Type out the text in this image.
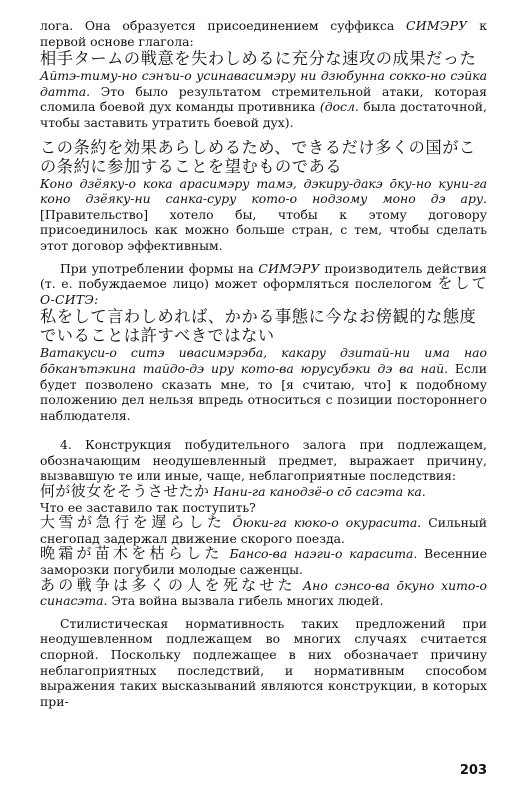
лога. Она образуется присоединением суффикса СИМЭРУ к первой основе глагола:

相手タームの戦意を失わしめるに充分な速攻の成果だった

Айтэ-тиму-но сэнъи-о усинавасимэру ни дзюбунна сокко-но сэйка датта. Это было результатом стремительной атаки, которая сломила боевой дух команды противника (досл. была достаточной, чтобы заставить утратить боевой дух).

この条約を効果あらしめるため、できるだけ多くの国がこの条約に参加することを望むものである

Коно дзёяку-о кока арасимэру тамэ, дэкиру-дакэ о̄ку-но куни-га коно дзёяку-ни санка-суру кото-о нодзому моно дэ ару. [Правительство] хотело бы, чтобы к этому договору присоединилось как можно больше стран, с тем, чтобы сделать этот договор эффективным.

При употреблении формы на СИМЭРУ производитель действия (т. е. побуждаемое лицо) может оформляться послелогом をして О-СИТЭ:

私をして言わしめれば、かかる事態に今なお傍観的な態度でいることは許すべきではない

Ватакуси-о ситэ ивасимэрэба, какару дзитай-ни има нао бо̄канътэкина тайдо-дэ иру кото-ва юрусубэки дэ ва най. Если будет позволено сказать мне, то [я считаю, что] к подобному положению дел нельзя впредь относиться с позиции постороннего наблюдателя.

4. Конструкция побудительного залога при подлежащем, обозначающим неодушевленный предмет, выражает причину, вызвавшую те или иные, чаще, неблагоприятные последствия:

何が彼女をそうさせたか Нани-га канодзё-о со̄ сасэта ка.
Что ее заставило так поступить?

大雪が急行を遅らした О̄юки-га кюко-о окурасита. Сильный снегопад задержал движение скорого поезда.

晩霜が苗木を枯らした Бансо-ва наэги-о карасита. Весенние заморозки погубили молодые саженцы.

あの戦争は多くの人を死なせた Ано сэнсо-ва о̄куно хито-о синасэта. Эта война вызвала гибель многих людей.

Стилистическая нормативность таких предложений при неодушевленном подлежащем во многих случаях считается спорной. Поскольку подлежащее в них обозначает причину неблагоприятных последствий, и нормативным способом выражения таких высказываний являются конструкции, в которых при-

203
